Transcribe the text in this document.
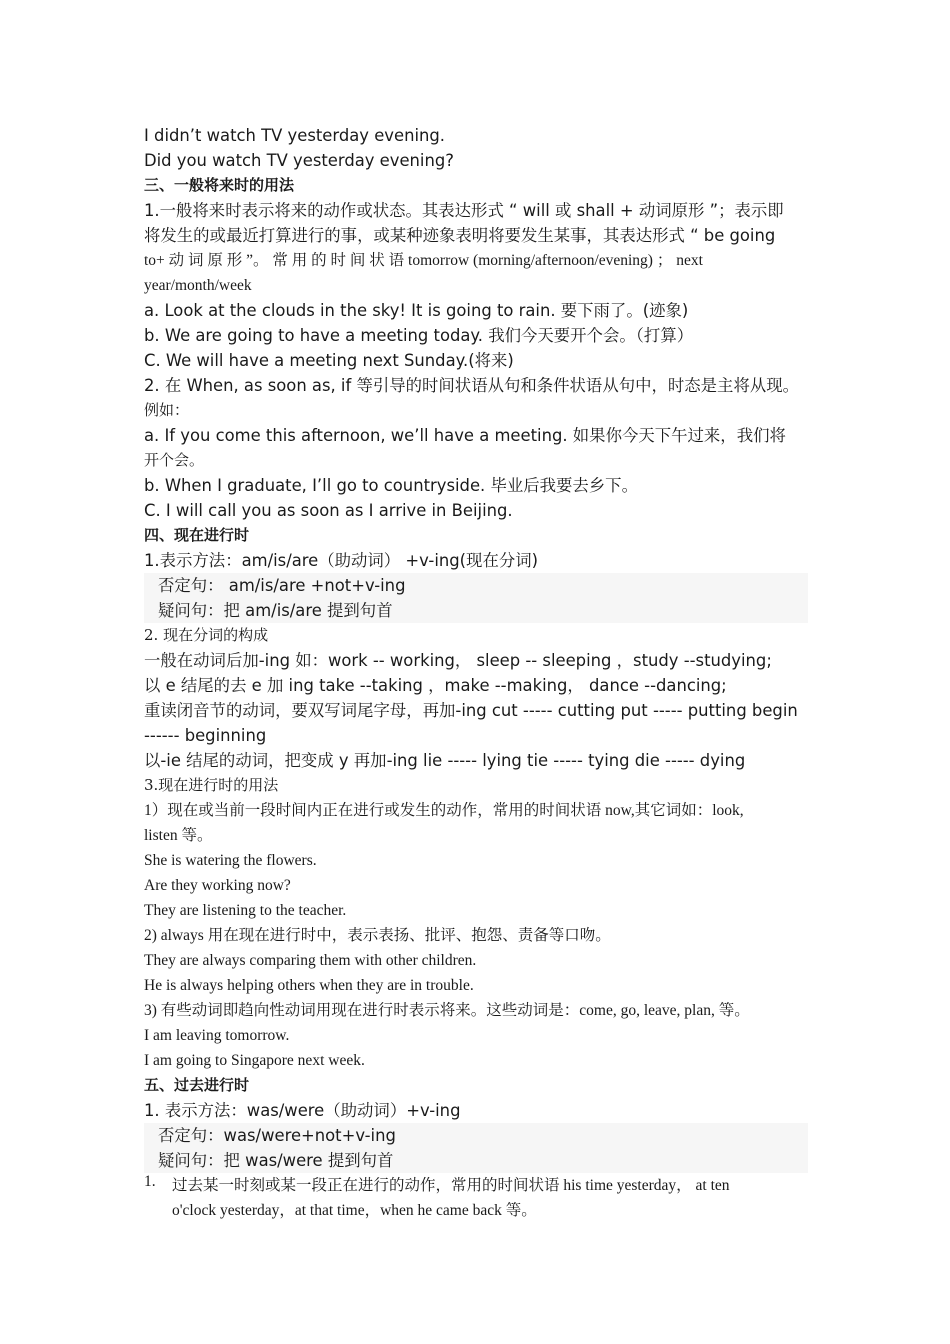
I didn’t watch TV yesterday evening.
Did you watch TV yesterday evening?
三、一般将来时的用法
1.一般将来时表示将来的动作或状态。其表达形式 “ will 或 shall + 动词原形 ”；表示即
将发生的或最近打算进行的事，或某种迹象表明将要发生某事，其表达形式 “ be going
to+ 动 词 原 形 ”。 常 用 的 时 间 状 语 tomorrow (morning/afternoon/evening) ； next
year/month/week
a. Look at the clouds in the sky! It is going to rain. 要下雨了。(迹象)
b. We are going to have a meeting today. 我们今天要开个会。（打算）
C. We will have a meeting next Sunday.(将来)
2. 在 When, as soon as, if 等引导的时间状语从句和条件状语从句中，时态是主将从现。
例如：
a. If you come this afternoon, we’ll have a meeting. 如果你今天下午过来，我们将
开个会。
b. When I graduate, I’ll go to countryside. 毕业后我要去乡下。
C. I will call you as soon as I arrive in Beijing.
四、现在进行时
1.表示方法：am/is/are（助动词） +v-ing(现在分词)
否定句： am/is/are +not+v-ing
疑问句：把 am/is/are 提到句首
2. 现在分词的构成
一般在动词后加-ing 如：work -- working， sleep -- sleeping ，study --studying;
以 e 结尾的去 e 加 ing take --taking ，make --making， dance --dancing;
重读闭音节的动词，要双写词尾字母，再加-ing cut ----- cutting put ----- putting begin
------ beginning
以-ie 结尾的动词，把变成 y 再加-ing lie ----- lying tie ----- tying die ----- dying
3.现在进行时的用法
1）现在或当前一段时间内正在进行或发生的动作，常用的时间状语 now,其它词如：look,
listen 等。
She is watering the flowers.
Are they working now?
They are listening to the teacher.
2) always 用在现在进行时中，表示表扬、批评、抱怨、责备等口吻。
They are always comparing them with other children.
He is always helping others when they are in trouble.
3) 有些动词即趋向性动词用现在进行时表示将来。这些动词是：come, go, leave, plan, 等。
I am leaving tomorrow.
I am going to Singapore next week.
五、过去进行时
1. 表示方法：was/were（助动词）+v-ing
否定句：was/were+not+v-ing
疑问句：把 was/were 提到句首
1. 过去某一时刻或某一段正在进行的动作，常用的时间状语 his time yesterday， at ten
o'clock yesterday，at that time，when he came back 等。
